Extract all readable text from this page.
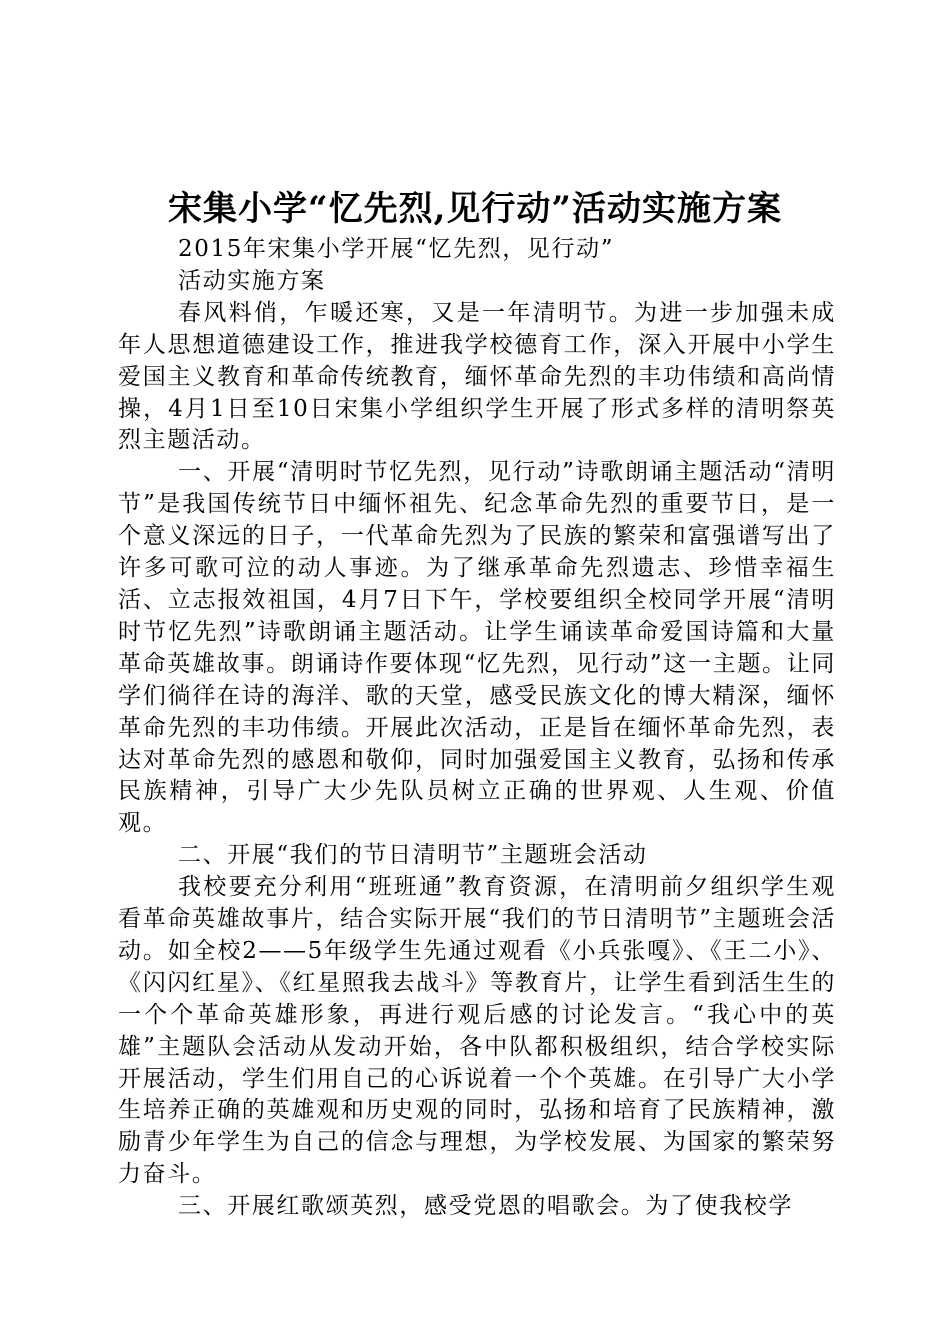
宋集小学“忆先烈,见行动”活动实施方案

2015年宋集小学开展“忆先烈，见行动”

活动实施方案

春风料俏，乍暖还寒，又是一年清明节。为进一步加强未成年人思想道德建设工作，推进我学校德育工作，深入开展中小学生爱国主义教育和革命传统教育，缅怀革命先烈的丰功伟绩和高尚情操，4月1日至10日宋集小学组织学生开展了形式多样的清明祭英烈主题活动。

一、开展“清明时节忆先烈，见行动”诗歌朗诵主题活动“清明节”是我国传统节日中缅怀祖先、纪念革命先烈的重要节日，是一个意义深远的日子，一代革命先烈为了民族的繁荣和富强谱写出了许多可歌可泣的动人事迹。为了继承革命先烈遗志、珍惜幸福生活、立志报效祖国，4月7日下午，学校要组织全校同学开展“清明时节忆先烈”诗歌朗诵主题活动。让学生诵读革命爱国诗篇和大量革命英雄故事。朗诵诗作要体现“忆先烈，见行动”这一主题。让同学们徜徉在诗的海洋、歌的天堂，感受民族文化的博大精深，缅怀革命先烈的丰功伟绩。开展此次活动，正是旨在缅怀革命先烈，表达对革命先烈的感恩和敬仰，同时加强爱国主义教育，弘扬和传承民族精神，引导广大少先队员树立正确的世界观、人生观、价值观。

二、开展“我们的节日清明节”主题班会活动

我校要充分利用“班班通”教育资源，在清明前夕组织学生观看革命英雄故事片，结合实际开展“我们的节日清明节”主题班会活动。如全校2——5年级学生先通过观看《小兵张嘎》、《王二小》、《闪闪红星》、《红星照我去战斗》等教育片，让学生看到活生生的一个个革命英雄形象，再进行观后感的讨论发言。“我心中的英雄”主题队会活动从发动开始，各中队都积极组织，结合学校实际开展活动，学生们用自己的心诉说着一个个英雄。在引导广大小学生培养正确的英雄观和历史观的同时，弘扬和培育了民族精神，激励青少年学生为自己的信念与理想，为学校发展、为国家的繁荣努力奋斗。

三、开展红歌颂英烈，感受党恩的唱歌会。为了使我校学
